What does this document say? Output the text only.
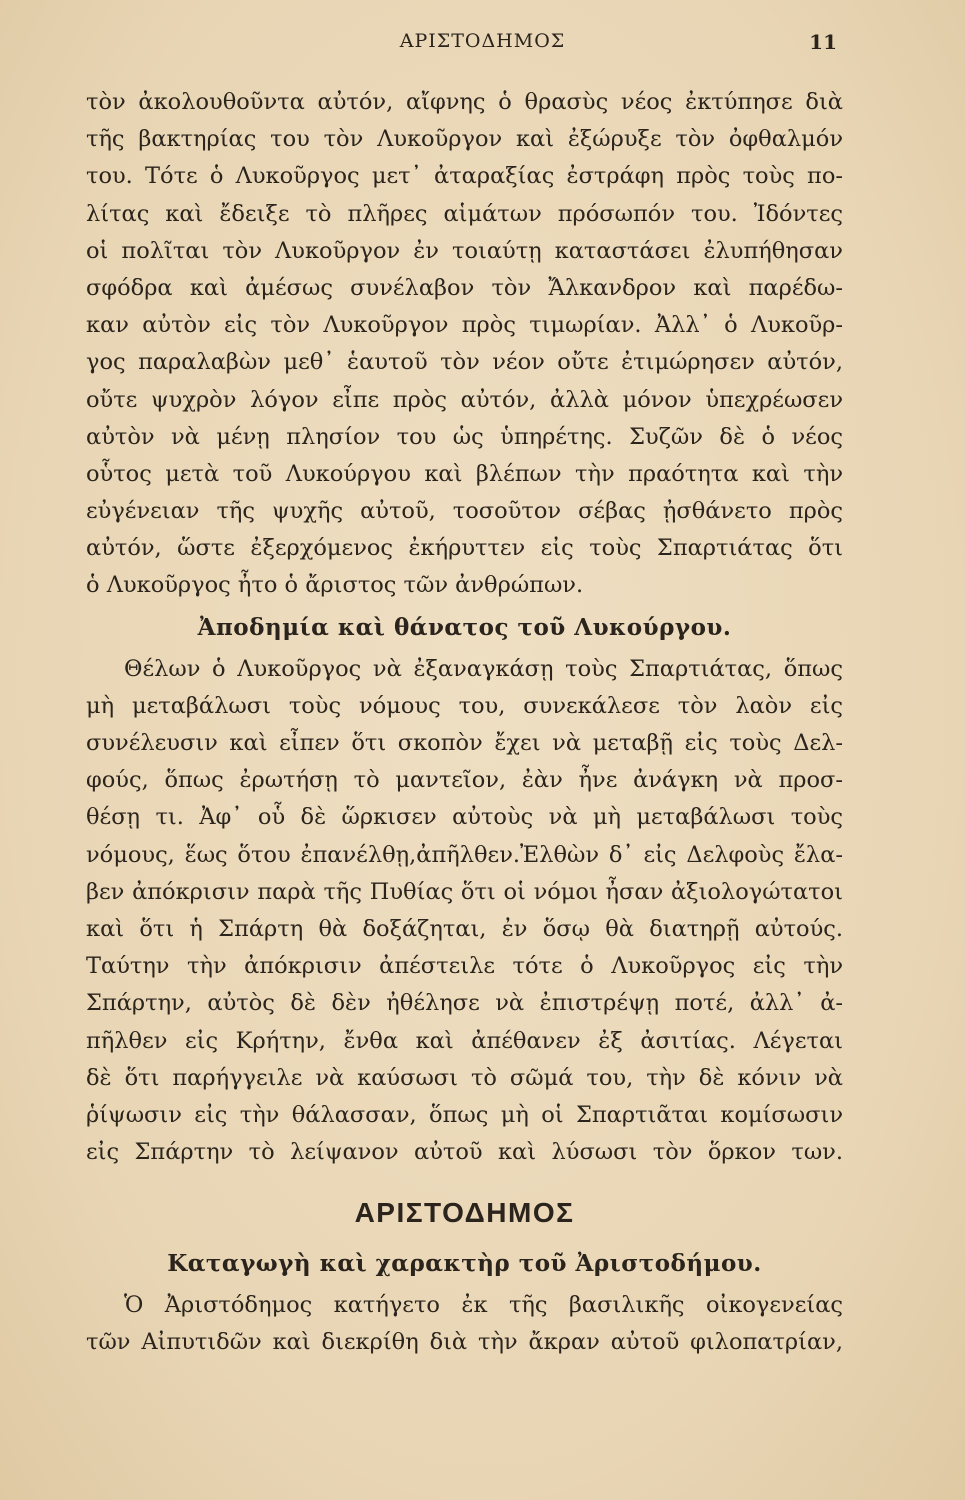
ΑΡΙΣΤΟΔΗΜΟΣ	11
τὸν ἀκολουθοῦντα αὐτόν, αἴφνης ὁ θρασὺς νέος ἐκτύπησε διὰ
τῆς βακτηρίας του τὸν Λυκοῦργον καὶ ἐξώρυξε τὸν ὀφθαλμόν
του. Τότε ὁ Λυκοῦργος μετ᾽ ἀταραξίας ἐστράφη πρὸς τοὺς πο-
λίτας καὶ ἔδειξε τὸ πλῆρες αἱμάτων πρόσωπόν του. Ἰδόντες
οἱ πολῖται τὸν Λυκοῦργον ἐν τοιαύτῃ καταστάσει ἐλυπήθησαν
σφόδρα καὶ ἀμέσως συνέλαβον τὸν Ἄλκανδρον καὶ παρέδω-
καν αὐτὸν εἰς τὸν Λυκοῦργον πρὸς τιμωρίαν. Ἀλλ᾽ ὁ Λυκοῦρ-
γος παραλαβὼν μεθ᾽ ἑαυτοῦ τὸν νέον οὔτε ἐτιμώρησεν αὐτόν,
οὔτε ψυχρὸν λόγον εἶπε πρὸς αὐτόν, ἀλλὰ μόνον ὑπεχρέωσεν
αὐτὸν νὰ μένῃ πλησίον του ὡς ὑπηρέτης. Συζῶν δὲ ὁ νέος
οὗτος μετὰ τοῦ Λυκούργου καὶ βλέπων τὴν πραότητα καὶ τὴν
εὐγένειαν τῆς ψυχῆς αὐτοῦ, τοσοῦτον σέβας ᾐσθάνετο πρὸς
αὐτόν, ὥστε ἐξερχόμενος ἐκήρυττεν εἰς τοὺς Σπαρτιάτας ὅτι
ὁ Λυκοῦργος ἦτο ὁ ἄριστος τῶν ἀνθρώπων.
Ἀποδημία καὶ θάνατος τοῦ Λυκούργου.
Θέλων ὁ Λυκοῦργος νὰ ἐξαναγκάσῃ τοὺς Σπαρτιάτας, ὅπως
μὴ μεταβάλωσι τοὺς νόμους του, συνεκάλεσε τὸν λαὸν εἰς
συνέλευσιν καὶ εἶπεν ὅτι σκοπὸν ἔχει νὰ μεταβῇ εἰς τοὺς Δελ-
φούς, ὅπως ἐρωτήσῃ τὸ μαντεῖον, ἐὰν ἦνε ἀνάγκη νὰ προσ-
θέσῃ τι. Ἀφ᾽ οὗ δὲ ὥρκισεν αὐτοὺς νὰ μὴ μεταβάλωσι τοὺς
νόμους, ἕως ὅτου ἐπανέλθῃ,ἀπῆλθεν.Ἐλθὼν δ᾽ εἰς Δελφοὺς ἔλα-
βεν ἀπόκρισιν παρὰ τῆς Πυθίας ὅτι οἱ νόμοι ἦσαν ἀξιολογώτατοι
καὶ ὅτι ἡ Σπάρτη θὰ δοξάζηται, ἐν ὅσῳ θὰ διατηρῇ αὐτούς.
Ταύτην τὴν ἀπόκρισιν ἀπέστειλε τότε ὁ Λυκοῦργος εἰς τὴν
Σπάρτην, αὐτὸς δὲ δὲν ἠθέλησε νὰ ἐπιστρέψῃ ποτέ, ἀλλ᾽ ἀ-
πῆλθεν εἰς Κρήτην, ἔνθα καὶ ἀπέθανεν ἐξ ἀσιτίας. Λέγεται
δὲ ὅτι παρήγγειλε νὰ καύσωσι τὸ σῶμά του, τὴν δὲ κόνιν νὰ
ῥίψωσιν εἰς τὴν θάλασσαν, ὅπως μὴ οἱ Σπαρτιᾶται κομίσωσιν
εἰς Σπάρτην τὸ λείψανον αὐτοῦ καὶ λύσωσι τὸν ὅρκον των.
ΑΡΙΣΤΟΔΗΜΟΣ
Καταγωγὴ καὶ χαρακτὴρ τοῦ Ἀριστοδήμου.
Ὁ Ἀριστόδημος κατήγετο ἐκ τῆς βασιλικῆς οἰκογενείας
τῶν Αἰπυτιδῶν καὶ διεκρίθη διὰ τὴν ἄκραν αὐτοῦ φιλοπατρίαν,
